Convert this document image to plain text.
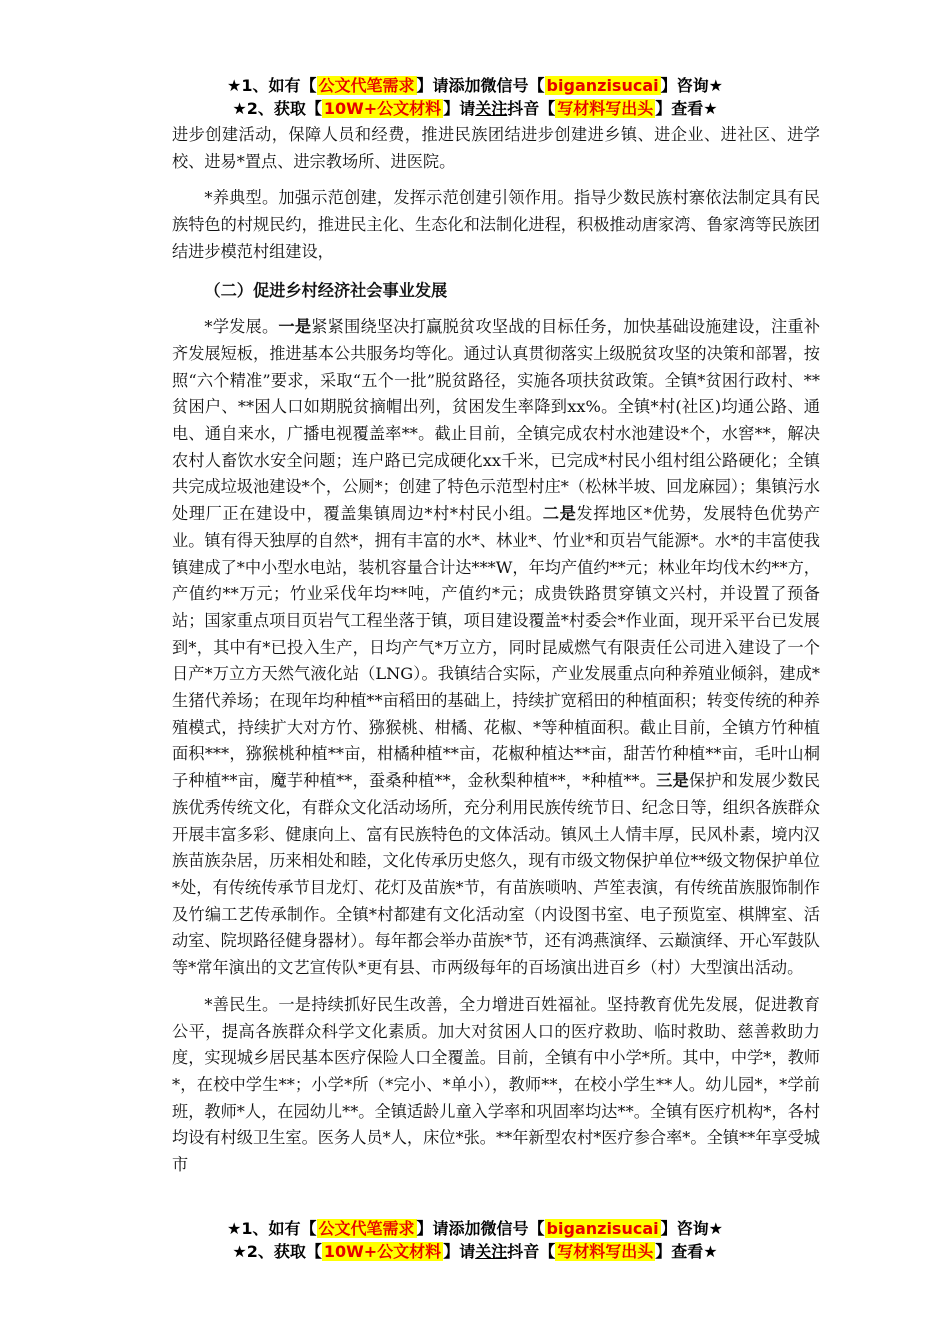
★1、如有【 公文代笔需求 】请添加微信号【 biganzisucai 】咨询★
★2、获取【 10W+公文材料 】请关注抖音【 写材料写出头 】查看★

进步创建活动，保障人员和经费，推进民族团结进步创建进乡镇、进企业、进社区、进学校、进易*置点、进宗教场所、进医院。

*养典型。加强示范创建，发挥示范创建引领作用。指导少数民族村寨依法制定具有民族特色的村规民约，推进民主化、生态化和法制化进程，积极推动唐家湾、鲁家湾等民族团结进步模范村组建设，

（二）促进乡村经济社会事业发展

*学发展。一是紧紧围绕坚决打赢脱贫攻坚战的目标任务，加快基础设施建设，注重补齐发展短板，推进基本公共服务均等化。通过认真贯彻落实上级脱贫攻坚的决策和部署，按照“六个精准”要求，采取“五个一批”脱贫路径，实施各项扶贫政策。全镇*贫困行政村、**贫困户、**困人口如期脱贫摘帽出列，贫困发生率降到xx%。全镇*村(社区)均通公路、通电、通自来水，广播电视覆盖率**。截止目前，全镇完成农村水池建设*个，水窖**，解决农村人畜饮水安全问题；连户路已完成硬化xx千米，已完成*村民小组村组公路硬化；全镇共完成垃圾池建设*个，公厕*；创建了特色示范型村庄*（松林半坡、回龙麻园）；集镇污水处理厂正在建设中，覆盖集镇周边*村*村民小组。二是发挥地区*优势，发展特色优势产业。镇有得天独厚的自然*，拥有丰富的水*、林业*、竹业*和页岩气能源*。水*的丰富使我镇建成了*中小型水电站，装机容量合计达***W，年均产值约**元；林业年均伐木约**方，产值约**万元；竹业采伐年均**吨，产值约*元；成贵铁路贯穿镇文兴村，并设置了预备站；国家重点项目页岩气工程坐落于镇，项目建设覆盖*村委会*作业面，现开采平台已发展到*，其中有*已投入生产，日均产气*万立方，同时昆威燃气有限责任公司进入建设了一个日产*万立方天然气液化站（LNG）。我镇结合实际，产业发展重点向种养殖业倾斜，建成*生猪代养场；在现年均种植**亩稻田的基础上，持续扩宽稻田的种植面积；转变传统的种养殖模式，持续扩大对方竹、猕猴桃、柑橘、花椒、*等种植面积。截止目前，全镇方竹种植面积***，猕猴桃种植**亩，柑橘种植**亩，花椒种植达**亩，甜苦竹种植**亩，毛叶山桐子种植**亩，魔芋种植**，蚕桑种植**，金秋梨种植**，*种植**。三是保护和发展少数民族优秀传统文化，有群众文化活动场所，充分利用民族传统节日、纪念日等，组织各族群众开展丰富多彩、健康向上、富有民族特色的文体活动。镇风土人情丰厚，民风朴素，境内汉族苗族杂居，历来相处和睦，文化传承历史悠久，现有市级文物保护单位**级文物保护单位*处，有传统传承节目龙灯、花灯及苗族*节，有苗族唢呐、芦笙表演，有传统苗族服饰制作及竹编工艺传承制作。全镇*村都建有文化活动室（内设图书室、电子预览室、棋牌室、活动室、院坝路径健身器材）。每年都会举办苗族*节，还有鸿燕演绎、云巅演绎、开心军鼓队等*常年演出的文艺宣传队*更有县、市两级每年的百场演出进百乡（村）大型演出活动。

*善民生。一是持续抓好民生改善，全力增进百姓福祉。坚持教育优先发展，促进教育公平，提高各族群众科学文化素质。加大对贫困人口的医疗救助、临时救助、慈善救助力度，实现城乡居民基本医疗保险人口全覆盖。目前，全镇有中小学*所。其中，中学*，教师*，在校中学生**；小学*所（*完小、*单小），教师**，在校小学生**人。幼儿园*，*学前班，教师*人，在园幼儿**。全镇适龄儿童入学率和巩固率均达**。全镇有医疗机构*，各村均设有村级卫生室。医务人员*人，床位*张。**年新型农村*医疗参合率*。全镇**年享受城市

★1、如有【 公文代笔需求 】请添加微信号【 biganzisucai 】咨询★
★2、获取【 10W+公文材料 】请关注抖音【 写材料写出头 】查看★
